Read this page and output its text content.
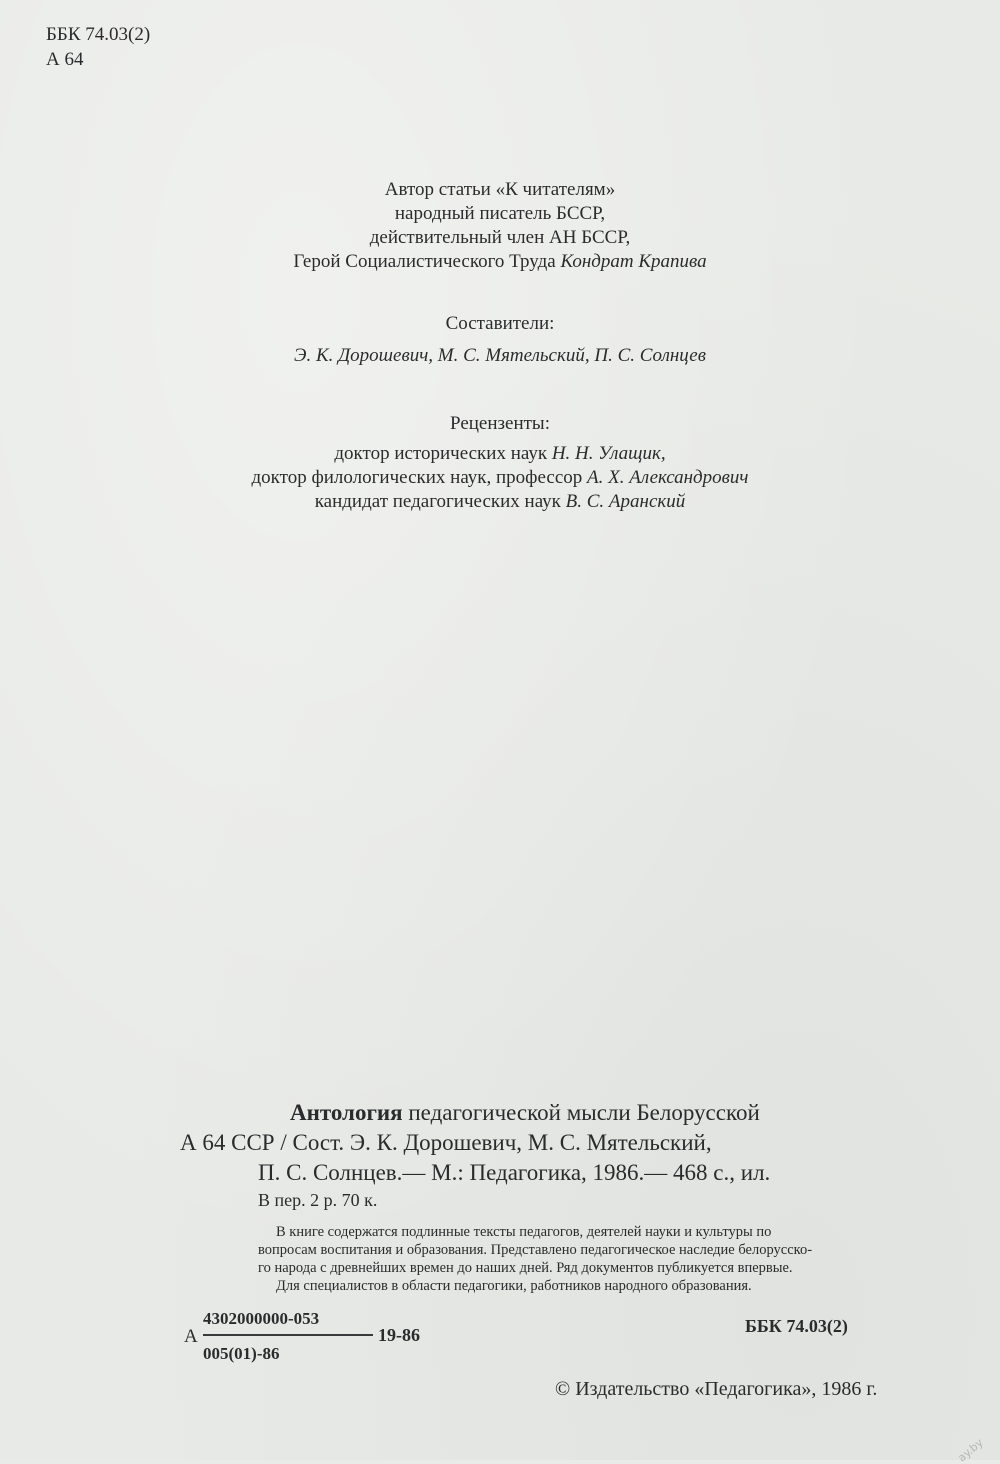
ББК 74.03(2)
А 64
Автор статьи «К читателям»
народный писатель БССР,
действительный член АН БССР,
Герой Социалистического Труда Кондрат Крапива
Составители:
Э. К. Дорошевич, М. С. Мятельский, П. С. Солнцев
Рецензенты:
доктор исторических наук Н. Н. Улащик,
доктор филологических наук, профессор А. Х. Александрович
кандидат педагогических наук В. С. Аранский
Антология педагогической мысли Белорусской
А 64 ССР / Сост. Э. К. Дорошевич, М. С. Мятельский,
П. С. Солнцев.— М.: Педагогика, 1986.— 468 с., ил.
В пер. 2 р. 70 к.
В книге содержатся подлинные тексты педагогов, деятелей науки и культуры по
вопросам воспитания и образования. Представлено педагогическое наследие белорусско-
го народа с древнейших времен до наших дней. Ряд документов публикуется впервые.
Для специалистов в области педагогики, работников народного образования.
А
4302000000-053
005(01)-86
19-86	ББК 74.03(2)
© Издательство «Педагогика», 1986 г.
ay.by
